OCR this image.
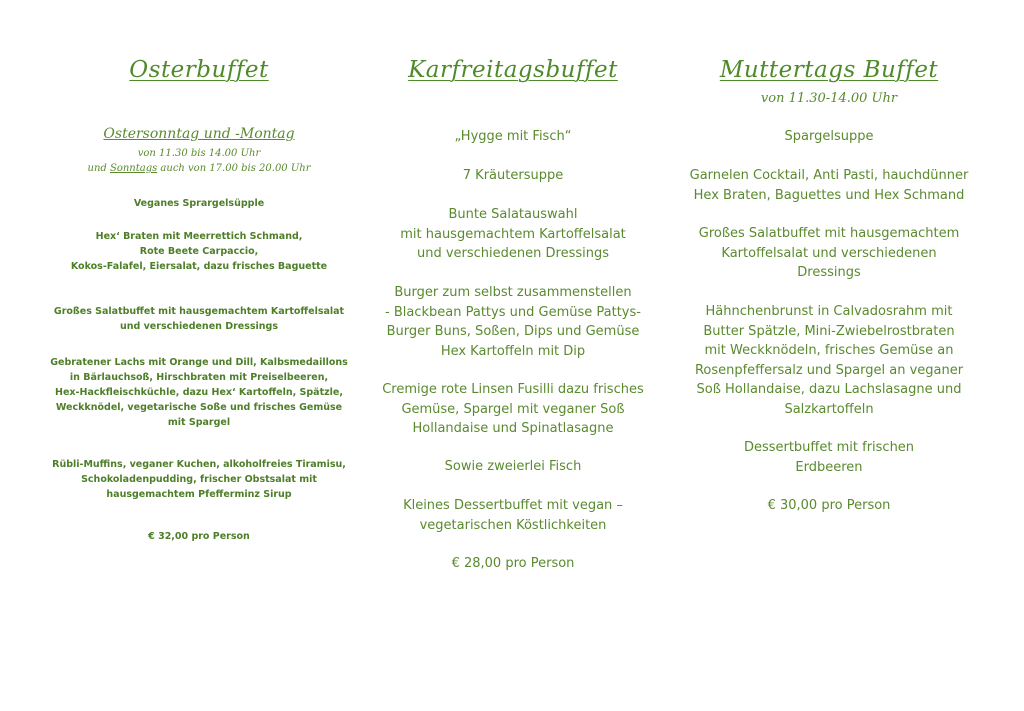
Osterbuffet

Ostersonntag und -Montag

von 11.30 bis 14.00 Uhr

und Sonntags auch von 17.00 bis 20.00 Uhr

Veganes Sprargelsüpple

Hex‘ Braten mit Meerrettich Schmand,
Rote Beete Carpaccio,
Kokos-Falafel, Eiersalat, dazu frisches Baguette

Großes Salatbuffet mit hausgemachtem Kartoffelsalat
und verschiedenen Dressings

Gebratener Lachs mit Orange und Dill, Kalbsmedaillons
in Bärlauchsoß, Hirschbraten mit Preiselbeeren,
Hex-Hackfleischküchle, dazu Hex‘ Kartoffeln, Spätzle,
Weckknödel, vegetarische Soße und frisches Gemüse
mit Spargel

Rübli-Muffins, veganer Kuchen, alkoholfreies Tiramisu,
Schokoladenpudding, frischer Obstsalat mit
hausgemachtem Pfefferminz Sirup

€ 32,00 pro Person

Karfreitagsbuffet

„Hygge mit Fisch“

7 Kräutersuppe

Bunte Salatauswahl
mit hausgemachtem Kartoffelsalat
und verschiedenen Dressings

Burger zum selbst zusammenstellen
- Blackbean Pattys und Gemüse Pattys-
Burger Buns, Soßen, Dips und Gemüse
Hex Kartoffeln mit Dip

Cremige rote Linsen Fusilli dazu frisches
Gemüse, Spargel mit veganer Soß
Hollandaise und Spinatlasagne

Sowie zweierlei Fisch

Kleines Dessertbuffet mit vegan –
vegetarischen Köstlichkeiten

€ 28,00 pro Person

Muttertags Buffet

von 11.30-14.00 Uhr

Spargelsuppe

Garnelen Cocktail, Anti Pasti, hauchdünner
Hex Braten, Baguettes und Hex Schmand

Großes Salatbuffet mit hausgemachtem
Kartoffelsalat und verschiedenen
Dressings

Hähnchenbrunst in Calvadosrahm mit
Butter Spätzle, Mini-Zwiebelrostbraten
mit Weckknödeln, frisches Gemüse an
Rosenpfeffersalz und Spargel an veganer
Soß Hollandaise, dazu Lachslasagne und
Salzkartoffeln

Dessertbuffet mit frischen
Erdbeeren

€ 30,00 pro Person
